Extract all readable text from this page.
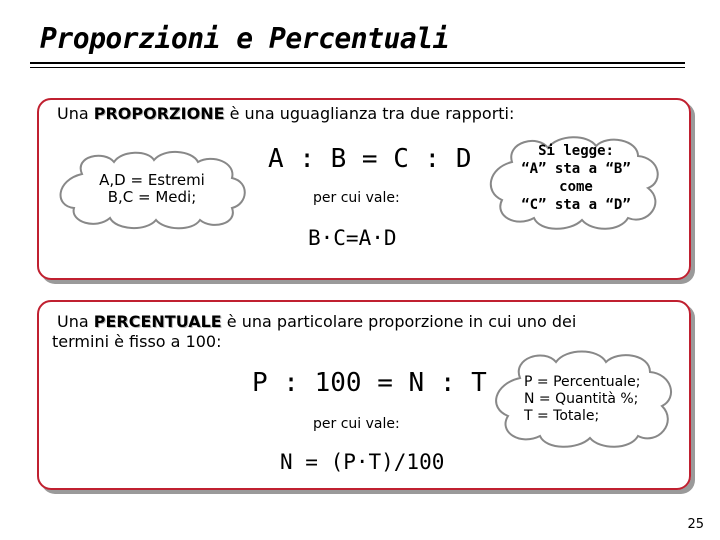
Proporzioni e Percentuali
Una PROPORZIONE è una uguaglianza tra due rapporti:
A,D = Estremi
B,C = Medi;
A : B = C : D
per cui vale:
B·C=A·D
Si legge:
“A” sta a “B”
come
“C” sta a “D”
Una PERCENTUALE è una particolare proporzione in cui uno dei
termini è fisso a 100:
P : 100 = N : T
per cui vale:
N = (P·T)/100
P = Percentuale;
N = Quantità %;
T = Totale;
25
